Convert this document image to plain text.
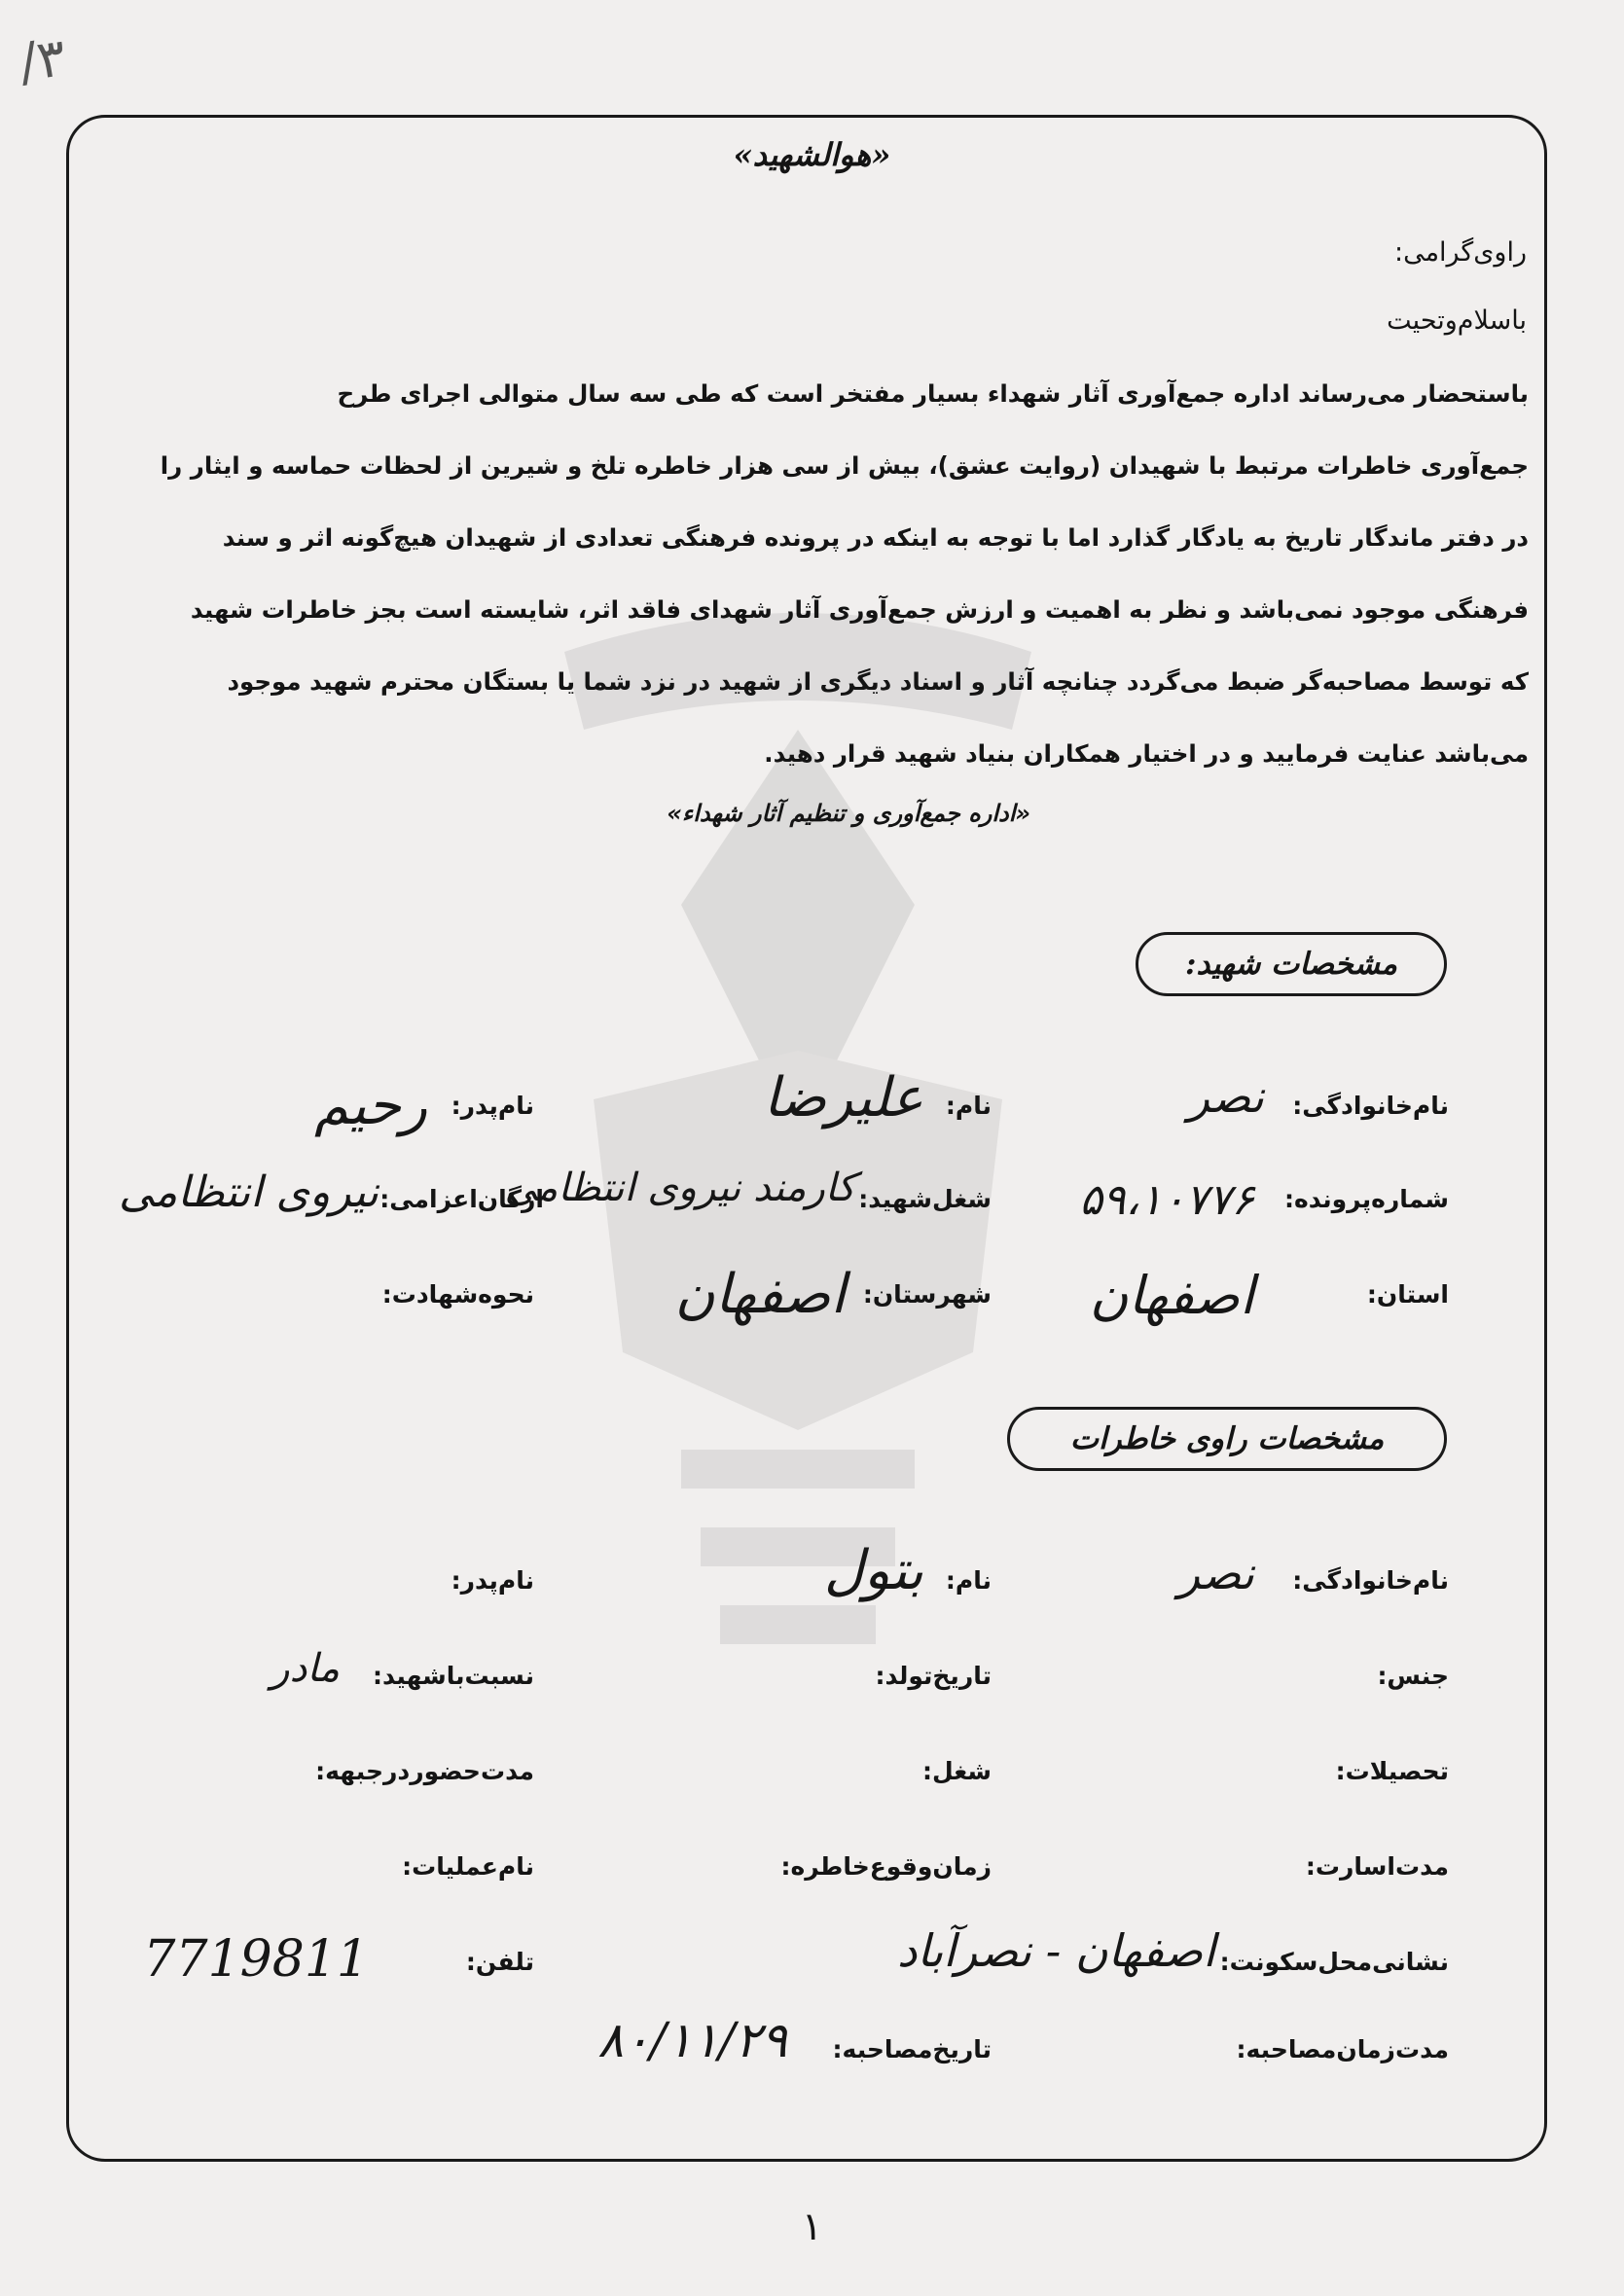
۳/
«هوالشهید»
راوی‌گرامی:
باسلام‌و‌تحیت
باستحضار می‌رساند اداره جمع‌آوری آثار شهداء بسیار مفتخر است که طی سه سال متوالی اجرای طرح
جمع‌آوری خاطرات مرتبط با شهیدان (روایت عشق)، بیش از سی هزار خاطره تلخ و شیرین از لحظات حماسه و ایثار را
در دفتر ماندگار تاریخ به یادگار گذارد اما با توجه به اینکه در پرونده فرهنگی تعدادی از شهیدان هیچ‌گونه اثر و سند
فرهنگی موجود نمی‌باشد و نظر به اهمیت و ارزش جمع‌آوری آثار شهدای فاقد اثر، شایسته است بجز خاطرات شهید
که توسط مصاحبه‌گر ضبط می‌گردد چنانچه آثار و اسناد دیگری از شهید در نزد شما یا بستگان محترم شهید موجود
می‌باشد عنایت فرمایید و در اختیار همکاران بنیاد شهید قرار دهید.
«اداره جمع‌آوری و تنظیم آثار شهداء»
مشخصات شهید:
نام‌خانوادگی:
نصر
نام:
علیرضا
نام‌پدر:
رحیم
شماره‌پرونده:
۵۹،۱۰۷۷۶
شغل‌شهید:
کارمند نیروی انتظامی
ارگان‌اعزامی:
نیروی انتظامی
استان:
اصفهان
شهرستان:
اصفهان
نحوه‌شهادت:
مشخصات راوی خاطرات
نام‌خانوادگی:
نصر
نام:
بتول
نام‌پدر:
جنس:
تاریخ‌تولد:
نسبت‌باشهید:
مادر
تحصیلات:
شغل:
مدت‌حضوردرجبهه:
مدت‌اسارت:
زمان‌وقوع‌خاطره:
نام‌عملیات:
نشانی‌محل‌سکونت:
اصفهان - نصرآباد
تلفن:
7719811
مدت‌زمان‌مصاحبه:
تاریخ‌مصاحبه:
۸۰/۱۱/۲۹
١
